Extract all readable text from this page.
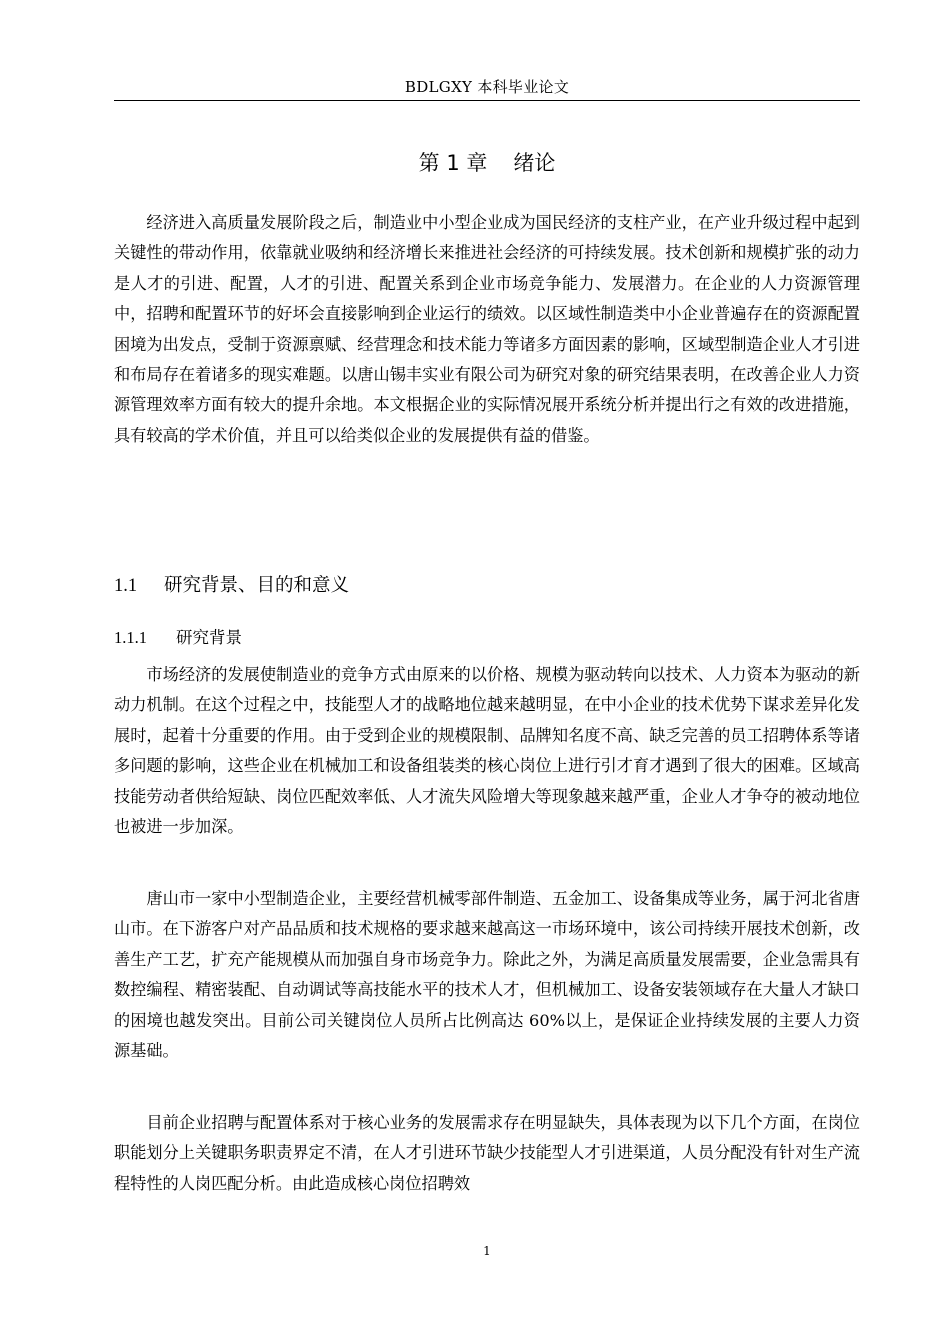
BDLGXY 本科毕业论文
第 1 章 绪论

经济进入高质量发展阶段之后，制造业中小型企业成为国民经济的支柱产业，在产业升级过程中起到关键性的带动作用，依靠就业吸纳和经济增长来推进社会经济的可持续发展。技术创新和规模扩张的动力是人才的引进、配置，人才的引进、配置关系到企业市场竞争能力、发展潜力。在企业的人力资源管理中，招聘和配置环节的好坏会直接影响到企业运行的绩效。以区域性制造类中小企业普遍存在的资源配置困境为出发点，受制于资源禀赋、经营理念和技术能力等诸多方面因素的影响，区域型制造企业人才引进和布局存在着诸多的现实难题。以唐山锡丰实业有限公司为研究对象的研究结果表明，在改善企业人力资源管理效率方面有较大的提升余地。本文根据企业的实际情况展开系统分析并提出行之有效的改进措施，具有较高的学术价值，并且可以给类似企业的发展提供有益的借鉴。

1.1 研究背景、目的和意义
1.1.1 研究背景

市场经济的发展使制造业的竞争方式由原来的以价格、规模为驱动转向以技术、人力资本为驱动的新动力机制。在这个过程之中，技能型人才的战略地位越来越明显，在中小企业的技术优势下谋求差异化发展时，起着十分重要的作用。由于受到企业的规模限制、品牌知名度不高、缺乏完善的员工招聘体系等诸多问题的影响，这些企业在机械加工和设备组装类的核心岗位上进行引才育才遇到了很大的困难。区域高技能劳动者供给短缺、岗位匹配效率低、人才流失风险增大等现象越来越严重，企业人才争夺的被动地位也被进一步加深。

唐山市一家中小型制造企业，主要经营机械零部件制造、五金加工、设备集成等业务，属于河北省唐山市。在下游客户对产品品质和技术规格的要求越来越高这一市场环境中，该公司持续开展技术创新，改善生产工艺，扩充产能规模从而加强自身市场竞争力。除此之外，为满足高质量发展需要，企业急需具有数控编程、精密装配、自动调试等高技能水平的技术人才，但机械加工、设备安装领域存在大量人才缺口的困境也越发突出。目前公司关键岗位人员所占比例高达 60%以上，是保证企业持续发展的主要人力资源基础。

目前企业招聘与配置体系对于核心业务的发展需求存在明显缺失，具体表现为以下几个方面，在岗位职能划分上关键职务职责界定不清，在人才引进环节缺少技能型人才引进渠道，人员分配没有针对生产流程特性的人岗匹配分析。由此造成核心岗位招聘效

1
